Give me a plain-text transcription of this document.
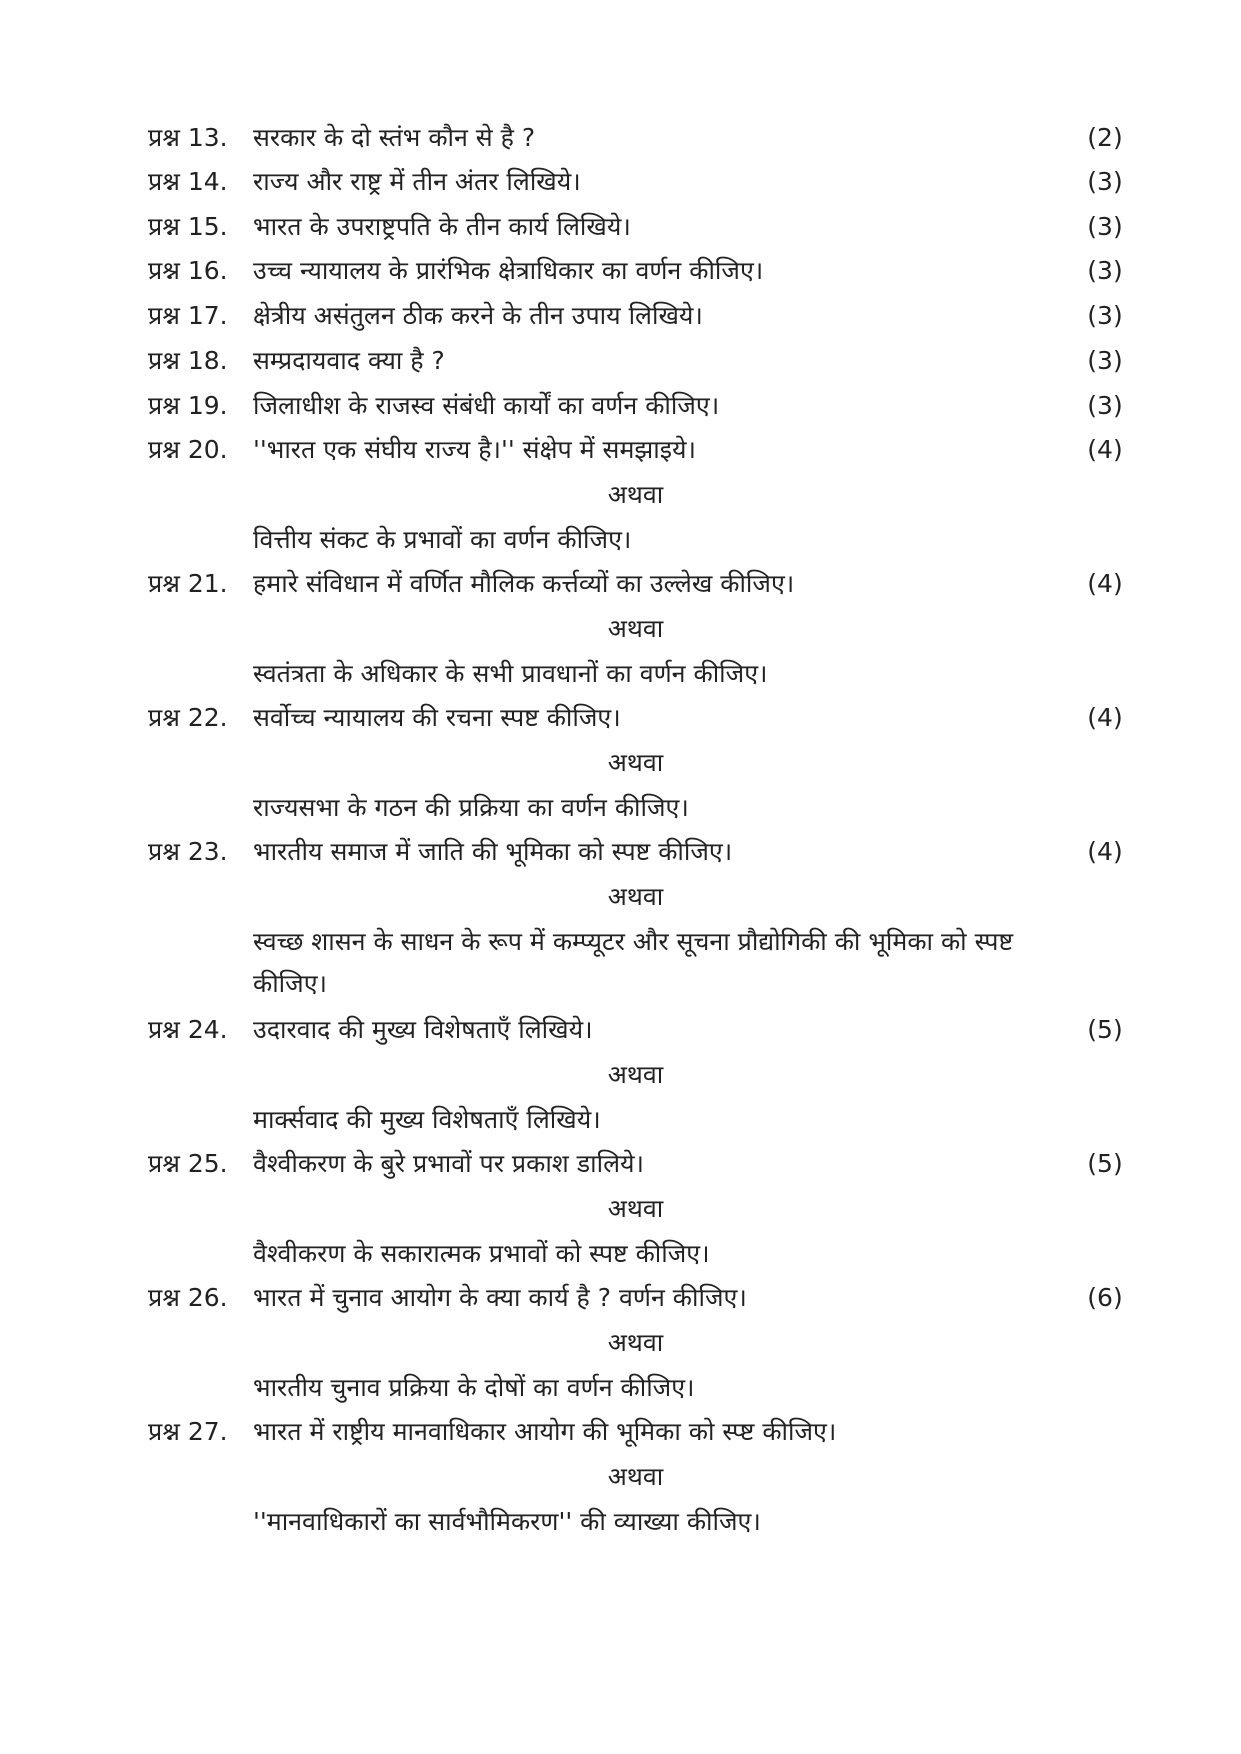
प्रश्न 13. सरकार के दो स्तंभ कौन से है ?	(2)
प्रश्न 14. राज्य और राष्ट्र में तीन अंतर लिखिये।	(3)
प्रश्न 15. भारत के उपराष्ट्रपति के तीन कार्य लिखिये।	(3)
प्रश्न 16. उच्च न्यायालय के प्रारंभिक क्षेत्राधिकार का वर्णन कीजिए।	(3)
प्रश्न 17. क्षेत्रीय असंतुलन ठीक करने के तीन उपाय लिखिये।	(3)
प्रश्न 18. सम्प्रदायवाद क्या है ?	(3)
प्रश्न 19. जिलाधीश के राजस्व संबंधी कार्यों का वर्णन कीजिए।	(3)
प्रश्न 20. ''भारत एक संघीय राज्य है।'' संक्षेप में समझाइये।	(4)
अथवा
वित्तीय संकट के प्रभावों का वर्णन कीजिए।
प्रश्न 21. हमारे संविधान में वर्णित मौलिक कर्त्तव्यों का उल्लेख कीजिए।	(4)
अथवा
स्वतंत्रता के अधिकार के सभी प्रावधानों का वर्णन कीजिए।
प्रश्न 22. सर्वोच्च न्यायालय की रचना स्पष्ट कीजिए।	(4)
अथवा
राज्यसभा के गठन की प्रक्रिया का वर्णन कीजिए।
प्रश्न 23. भारतीय समाज में जाति की भूमिका को स्पष्ट कीजिए।	(4)
अथवा
स्वच्छ शासन के साधन के रूप में कम्प्यूटर और सूचना प्रौद्योगिकी की भूमिका को स्पष्ट
कीजिए।
प्रश्न 24. उदारवाद की मुख्य विशेषताएँ लिखिये।	(5)
अथवा
मार्क्सवाद की मुख्य विशेषताएँ लिखिये।
प्रश्न 25. वैश्वीकरण के बुरे प्रभावों पर प्रकाश डालिये।	(5)
अथवा
वैश्वीकरण के सकारात्मक प्रभावों को स्पष्ट कीजिए।
प्रश्न 26. भारत में चुनाव आयोग के क्या कार्य है ? वर्णन कीजिए।	(6)
अथवा
भारतीय चुनाव प्रक्रिया के दोषों का वर्णन कीजिए।
प्रश्न 27. भारत में राष्ट्रीय मानवाधिकार आयोग की भूमिका को स्प्ष्ट कीजिए।
अथवा
''मानवाधिकारों का सार्वभौमिकरण'' की व्याख्या कीजिए।
